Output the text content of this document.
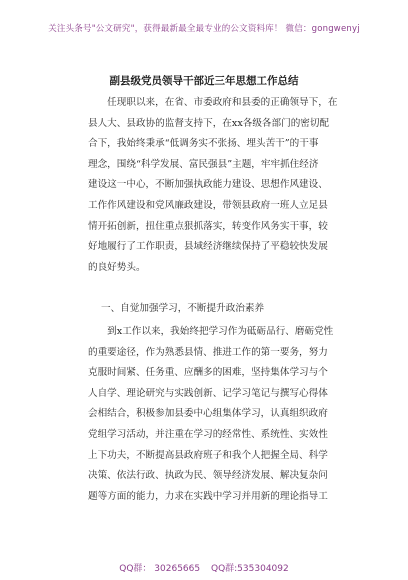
关注头条号"公文研究"，获得最新最全最专业的公文资料库！ 微信：gongwenyj
副县级党员领导干部近三年思想工作总结
　　任现职以来，在省、市委政府和县委的正确领导下，在
县人大、县政协的监督支持下，在xx各级各部门的密切配
合下，我始终秉承“低调务实不张扬、埋头苦干”的干事
理念，围绕“科学发展、富民强县”主题，牢牢抓住经济
建设这一中心，不断加强执政能力建设、思想作风建设、
工作作风建设和党风廉政建设，带领县政府一班人立足县
情开拓创新，扭住重点狠抓落实，转变作风务实干事，较
好地履行了工作职责，县域经济继续保持了平稳较快发展
的良好势头。
一、自觉加强学习，不断提升政治素养
　　到x工作以来，我始终把学习作为砥砺品行、磨砺党性
的重要途径，作为熟悉县情、推进工作的第一要务，努力
克服时间紧、任务重、应酬多的困难，坚持集体学习与个
人自学、理论研究与实践创新、记学习笔记与撰写心得体
会相结合，积极参加县委中心组集体学习，认真组织政府
党组学习活动，并注重在学习的经常性、系统性、实效性
上下功夫，不断提高县政府班子和我个人把握全局、科学
决策、依法行政、执政为民、领导经济发展、解决复杂问
题等方面的能力，力求在实践中学习并用新的理论指导工
QQ群： 30265665 QQ群:535304092
